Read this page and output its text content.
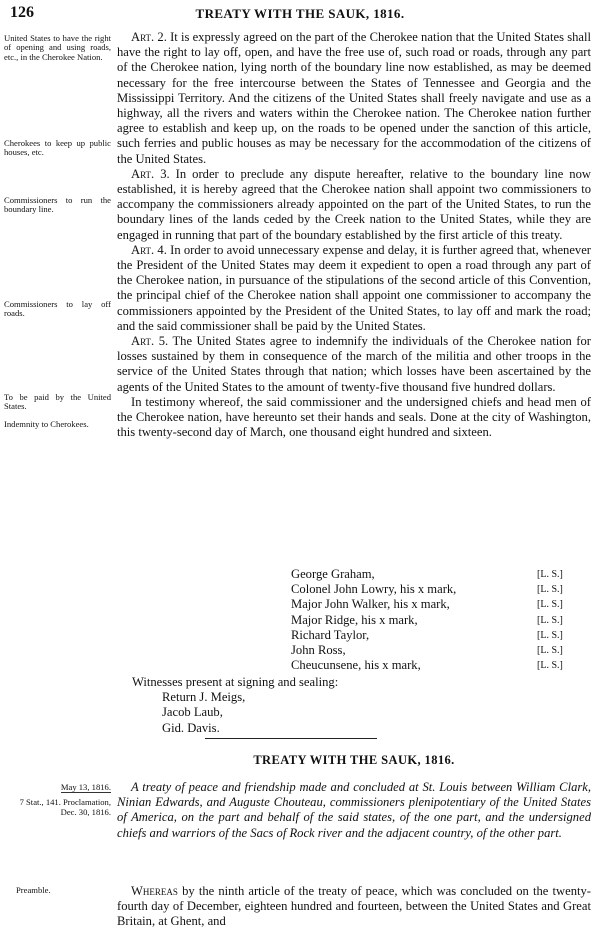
126	TREATY WITH THE SAUK, 1816.
United States to have the right of opening and using roads, etc., in the Cherokee Nation.
Cherokees to keep up public houses, etc.
Commissioners to run the boundary line.
Commissioners to lay off roads.
To be paid by the United States.
Indemnity to Cherokees.

Art. 2. It is expressly agreed on the part of the Cherokee nation that the United States shall have the right to lay off, open, and have the free use of, such road or roads, through any part of the Cherokee nation, lying north of the boundary line now established, as may be deemed necessary for the free intercourse between the States of Tennessee and Georgia and the Mississippi Territory. And the citizens of the United States shall freely navigate and use as a highway, all the rivers and waters within the Cherokee nation. The Cherokee nation further agree to establish and keep up, on the roads to be opened under the sanction of this article, such ferries and public houses as may be necessary for the accommodation of the citizens of the United States.

Art. 3. In order to preclude any dispute hereafter, relative to the boundary line now established, it is hereby agreed that the Cherokee nation shall appoint two commissioners to accompany the commissioners already appointed on the part of the United States, to run the boundary lines of the lands ceded by the Creek nation to the United States, while they are engaged in running that part of the boundary established by the first article of this treaty.

Art. 4. In order to avoid unnecessary expense and delay, it is further agreed that, whenever the President of the United States may deem it expedient to open a road through any part of the Cherokee nation, in pursuance of the stipulations of the second article of this Convention, the principal chief of the Cherokee nation shall appoint one commissioner to accompany the commissioners appointed by the President of the United States, to lay off and mark the road; and the said commissioner shall be paid by the United States.

Art. 5. The United States agree to indemnify the individuals of the Cherokee nation for losses sustained by them in consequence of the march of the militia and other troops in the service of the United States through that nation; which losses have been ascertained by the agents of the United States to the amount of twenty-five thousand five hundred dollars.

In testimony whereof, the said commissioner and the undersigned chiefs and head men of the Cherokee nation, have hereunto set their hands and seals. Done at the city of Washington, this twenty-second day of March, one thousand eight hundred and sixteen.

George Graham,	[L. S.]
Colonel John Lowry, his x mark,	[L. S.]
Major John Walker, his x mark,	[L. S.]
Major Ridge, his x mark,	[L. S.]
Richard Taylor,	[L. S.]
John Ross,	[L. S.]
Cheucunsene, his x mark,	[L. S.]
Witnesses present at signing and sealing:
Return J. Meigs,
Jacob Laub,
Gid. Davis.
TREATY WITH THE SAUK, 1816.
May 13, 1816.
7 Stat., 141. Proclamation, Dec. 30, 1816.

A treaty of peace and friendship made and concluded at St. Louis between William Clark, Ninian Edwards, and Auguste Chouteau, commissioners plenipotentiary of the United States of America, on the part and behalf of the said states, of the one part, and the undersigned chiefs and warriors of the Sacs of Rock river and the adjacent country, of the other part.

Preamble.	Whereas by the ninth article of the treaty of peace, which was concluded on the twenty-fourth day of December, eighteen hundred and fourteen, between the United States and Great Britain, at Ghent, and
